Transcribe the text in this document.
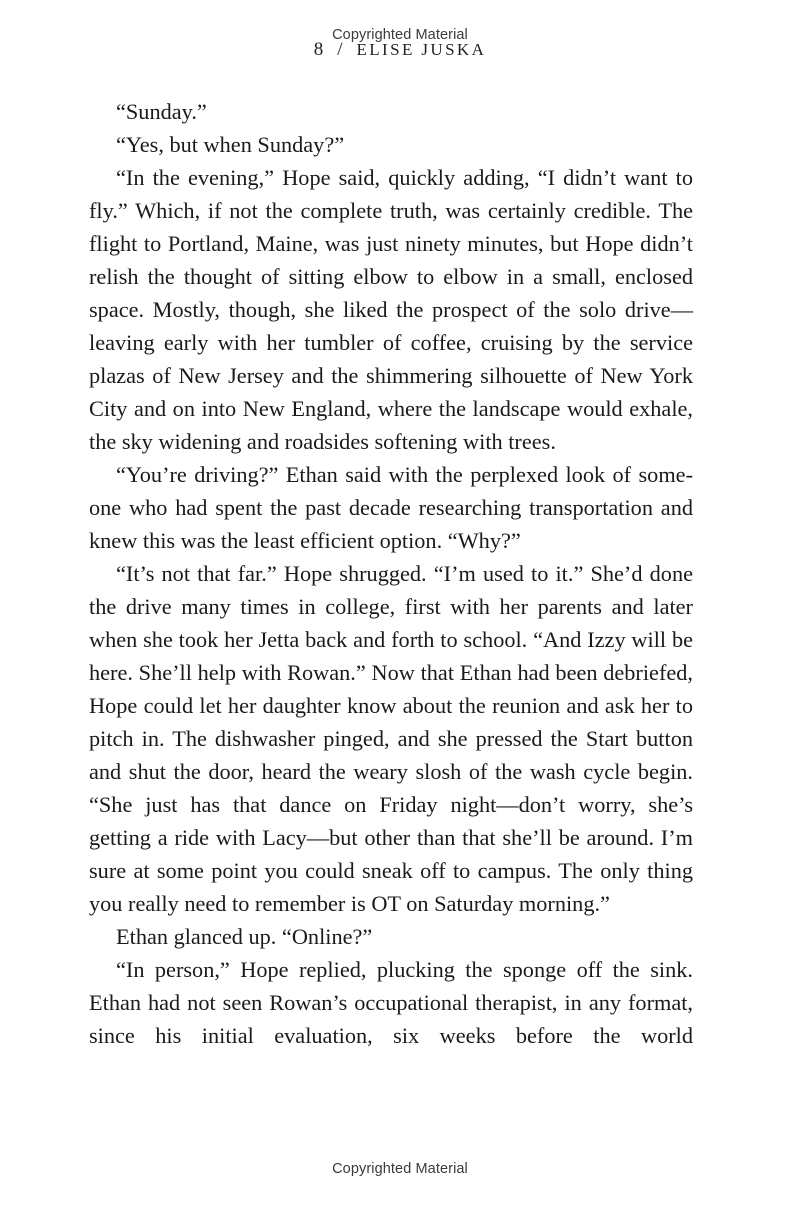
Copyrighted Material
8 / ELISE JUSKA

“Sunday.”

“Yes, but when Sunday?”

“In the evening,” Hope said, quickly adding, “I didn’t want to fly.” Which, if not the complete truth, was certainly credible. The flight to Portland, Maine, was just ninety minutes, but Hope didn’t relish the thought of sitting elbow to elbow in a small, enclosed space. Mostly, though, she liked the prospect of the solo drive—leaving early with her tumbler of coffee, cruising by the service plazas of New Jersey and the shimmering silhouette of New York City and on into New England, where the landscape would exhale, the sky widening and roadsides softening with trees.

“You’re driving?” Ethan said with the perplexed look of someone who had spent the past decade researching transportation and knew this was the least efficient option. “Why?”

“It’s not that far.” Hope shrugged. “I’m used to it.” She’d done the drive many times in college, first with her parents and later when she took her Jetta back and forth to school. “And Izzy will be here. She’ll help with Rowan.” Now that Ethan had been debriefed, Hope could let her daughter know about the reunion and ask her to pitch in. The dishwasher pinged, and she pressed the Start button and shut the door, heard the weary slosh of the wash cycle begin. “She just has that dance on Friday night—don’t worry, she’s getting a ride with Lacy—but other than that she’ll be around. I’m sure at some point you could sneak off to campus. The only thing you really need to remember is OT on Saturday morning.”

Ethan glanced up. “Online?”

“In person,” Hope replied, plucking the sponge off the sink. Ethan had not seen Rowan’s occupational therapist, in any format, since his initial evaluation, six weeks before the world

Copyrighted Material
